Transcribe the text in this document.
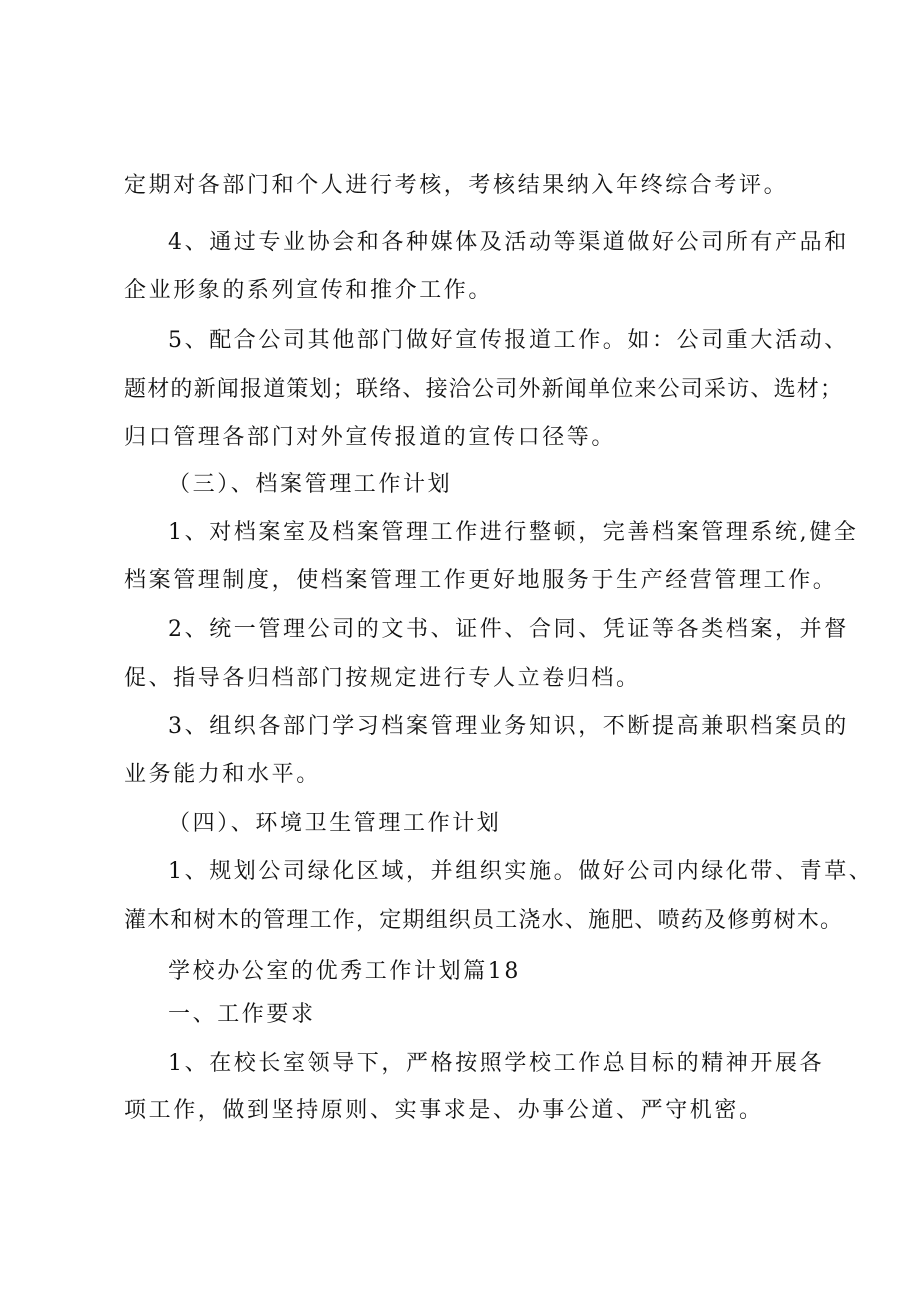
定期对各部门和个人进行考核，考核结果纳入年终综合考评。
4、通过专业协会和各种媒体及活动等渠道做好公司所有产品和
企业形象的系列宣传和推介工作。
5、配合公司其他部门做好宣传报道工作。如：公司重大活动、
题材的新闻报道策划；联络、接洽公司外新闻单位来公司采访、选材；
归口管理各部门对外宣传报道的宣传口径等。
（三）、档案管理工作计划
1、对档案室及档案管理工作进行整顿，完善档案管理系统,健全
档案管理制度，使档案管理工作更好地服务于生产经营管理工作。
2、统一管理公司的文书、证件、合同、凭证等各类档案，并督
促、指导各归档部门按规定进行专人立卷归档。
3、组织各部门学习档案管理业务知识，不断提高兼职档案员的
业务能力和水平。
（四）、环境卫生管理工作计划
1、规划公司绿化区域，并组织实施。做好公司内绿化带、青草、
灌木和树木的管理工作，定期组织员工浇水、施肥、喷药及修剪树木。
学校办公室的优秀工作计划篇18
一、工作要求
1、在校长室领导下，严格按照学校工作总目标的精神开展各
项工作，做到坚持原则、实事求是、办事公道、严守机密。
